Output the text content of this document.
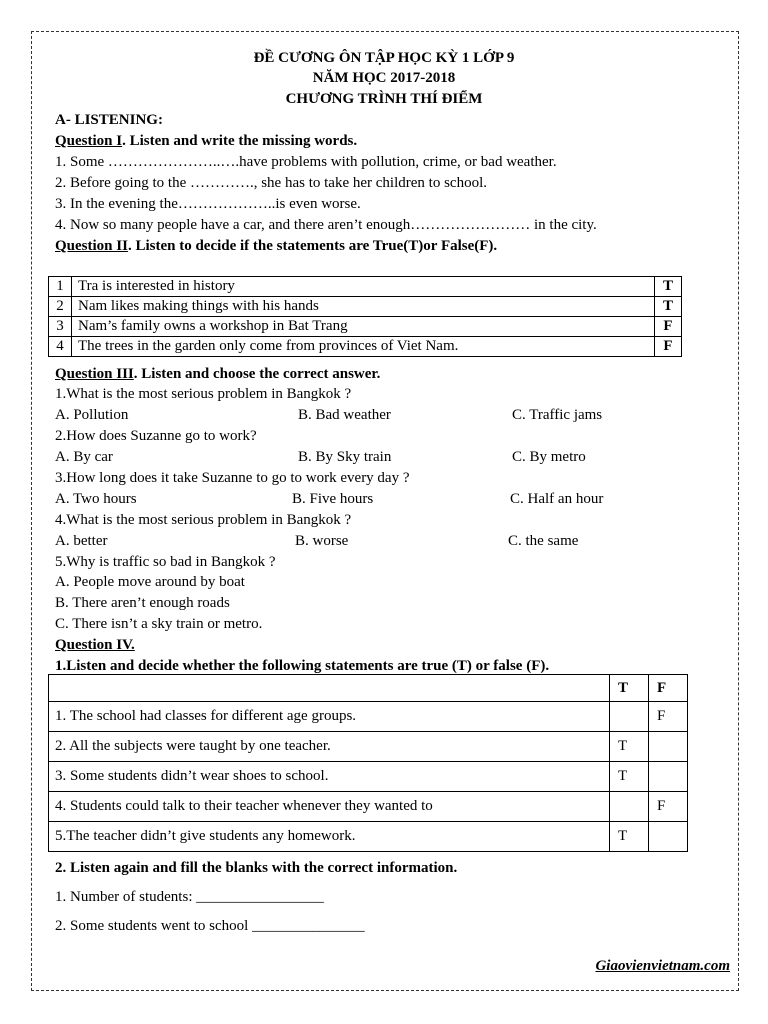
ĐỀ CƯƠNG ÔN TẬP HỌC KỲ 1 LỚP 9
NĂM HỌC 2017-2018
CHƯƠNG TRÌNH THÍ ĐIỂM
A- LISTENING:
Question I. Listen and write the missing words.
1. Some …………………..….have problems with pollution, crime, or bad weather.
2. Before going to the …………., she has to take her children to school.
3. In the evening the………………..is even worse.
4. Now so many people have a car, and there aren’t enough…………………… in the city.
Question II. Listen to decide if the statements are True(T)or False(F).
1	Tra is interested in history	T
2	Nam likes making things with his hands	T
3	Nam’s family owns a workshop in Bat Trang	F
4	The trees in the garden only come from provinces of Viet Nam.	F
Question III. Listen and choose the correct answer.
1.What is the most serious problem in Bangkok ?
A. Pollution	B. Bad weather	C. Traffic jams
2.How does Suzanne go to work?
A. By car	B. By Sky train	C. By metro
3.How long does it take Suzanne to go to work every day ?
A. Two hours	B. Five hours	C. Half an hour
4.What is the most serious problem in Bangkok ?
A. better	B. worse	C. the same
5.Why is traffic so bad in Bangkok ?
A. People move around by boat
B. There aren’t enough roads
C. There isn’t a sky train or metro.
Question IV.
1.Listen and decide whether the following statements are true (T) or false (F).
	T	F
1. The school had classes for different age groups.		F
2. All the subjects were taught by one teacher.	T	
3. Some students didn’t wear shoes to school.	T	
4. Students could talk to their teacher whenever they wanted to		F
5.The teacher didn’t give students any homework.	T	
2. Listen again and fill the blanks with the correct information.
1. Number of students: _________________
2. Some students went to school _______________
Giaovienvietnam.com
